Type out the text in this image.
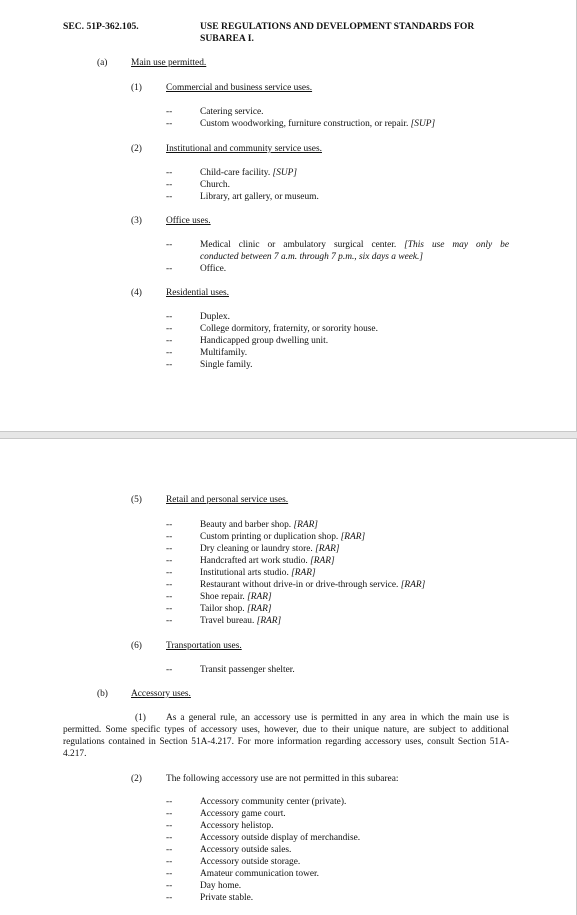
SEC. 51P-362.105.	USE REGULATIONS AND DEVELOPMENT STANDARDS FOR
SUBAREA I.
(a)	Main use permitted.
(1)	Commercial and business service uses.
--	Catering service.
--	Custom woodworking, furniture construction, or repair. [SUP]
(2)	Institutional and community service uses.
--	Child-care facility. [SUP]
--	Church.
--	Library, art gallery, or museum.
(3)	Office uses.
--	Medical clinic or ambulatory surgical center. [This use may only be
conducted between 7 a.m. through 7 p.m., six days a week.]
--	Office.
(4)	Residential uses.
--	Duplex.
--	College dormitory, fraternity, or sorority house.
--	Handicapped group dwelling unit.
--	Multifamily.
--	Single family.
(5)	Retail and personal service uses.
--	Beauty and barber shop. [RAR]
--	Custom printing or duplication shop. [RAR]
--	Dry cleaning or laundry store. [RAR]
--	Handcrafted art work studio. [RAR]
--	Institutional arts studio. [RAR]
--	Restaurant without drive-in or drive-through service. [RAR]
--	Shoe repair. [RAR]
--	Tailor shop. [RAR]
--	Travel bureau. [RAR]
(6)	Transportation uses.
--	Transit passenger shelter.
(b) Accessory uses.
(1) As a general rule, an accessory use is permitted in any area in which the main use is permitted. Some specific types of accessory uses, however, due to their unique nature, are subject to additional regulations contained in Section 51A-4.217. For more information regarding accessory uses, consult Section 51A-4.217.
(2)	The following accessory use are not permitted in this subarea:
--	Accessory community center (private).
--	Accessory game court.
--	Accessory helistop.
--	Accessory outside display of merchandise.
--	Accessory outside sales.
--	Accessory outside storage.
--	Amateur communication tower.
--	Day home.
--	Private stable.
